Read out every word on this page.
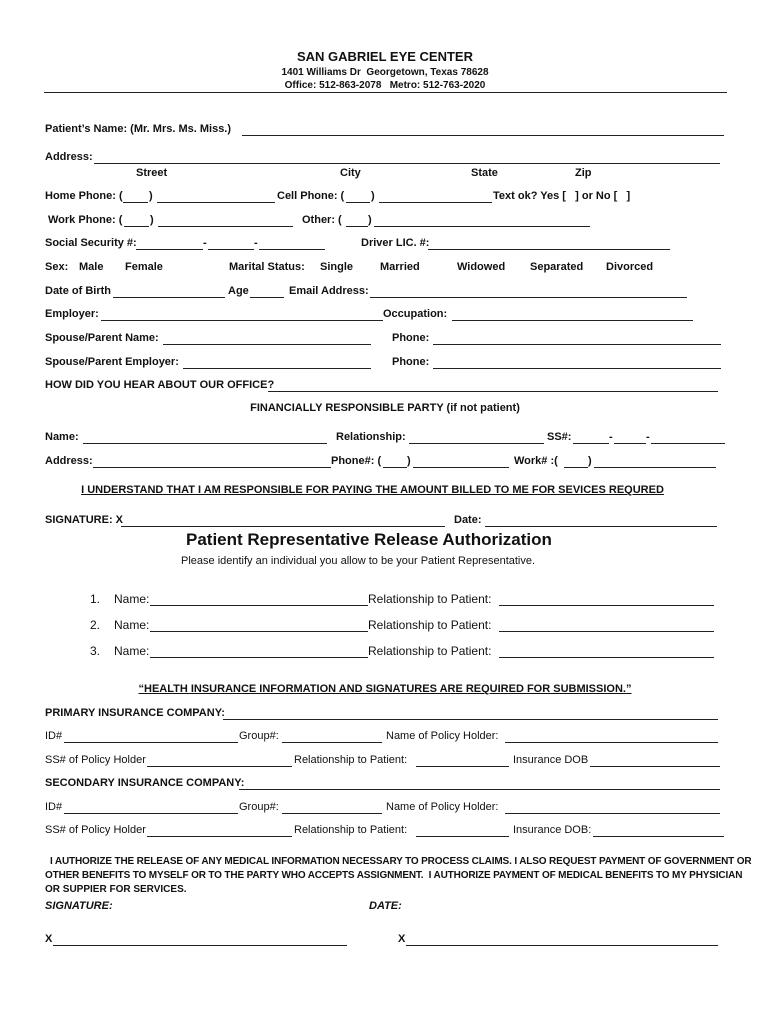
SAN GABRIEL EYE CENTER
1401 Williams Dr  Georgetown, Texas 78628
Office: 512-863-2078   Metro: 512-763-2020
Patient’s Name: (Mr. Mrs. Ms. Miss.)
Address:
Street	City	State	Zip
Home Phone: ( )	Cell Phone: ( )	Text ok? Yes [   ] or No [   ]
Work Phone: (	)	Other: ( )
Social Security #:	-	-	Driver LIC. #:
Sex: Male Female	Marital Status: Single Married	Widowed Separated Divorced
Date of Birth	Age	Email Address:
Employer:	Occupation:
Spouse/Parent Name:	Phone:
Spouse/Parent Employer:	Phone:
HOW DID YOU HEAR ABOUT OUR OFFICE?
FINANCIALLY RESPONSIBLE PARTY (if not patient)
Name:	Relationship:	SS#:	-	-
Address:	Phone#: ( )	Work# :(	)
I UNDERSTAND THAT I AM RESPONSIBLE FOR PAYING THE AMOUNT BILLED TO ME FOR SEVICES REQURED
SIGNATURE: X	Date:
Patient Representative Release Authorization
Please identify an individual you allow to be your Patient Representative.
1. Name:	Relationship to Patient:
2. Name:	Relationship to Patient:
3. Name:	Relationship to Patient:
“HEALTH INSURANCE INFORMATION AND SIGNATURES ARE REQUIRED FOR SUBMISSION.”
PRIMARY INSURANCE COMPANY:
ID#	Group#:	Name of Policy Holder:
SS# of Policy Holder	Relationship to Patient:	Insurance DOB
SECONDARY INSURANCE COMPANY:
ID#	Group#:	Name of Policy Holder:
SS# of Policy Holder	Relationship to Patient:	Insurance DOB:
I AUTHORIZE THE RELEASE OF ANY MEDICAL INFORMATION NECESSARY TO PROCESS CLAIMS. I ALSO REQUEST PAYMENT OF GOVERNMENT OR
OTHER BENEFITS TO MYSELF OR TO THE PARTY WHO ACCEPTS ASSIGNMENT.  I AUTHORIZE PAYMENT OF MEDICAL BENEFITS TO MY PHYSICIAN
OR SUPPIER FOR SERVICES.
SIGNATURE:	DATE:
X	X
